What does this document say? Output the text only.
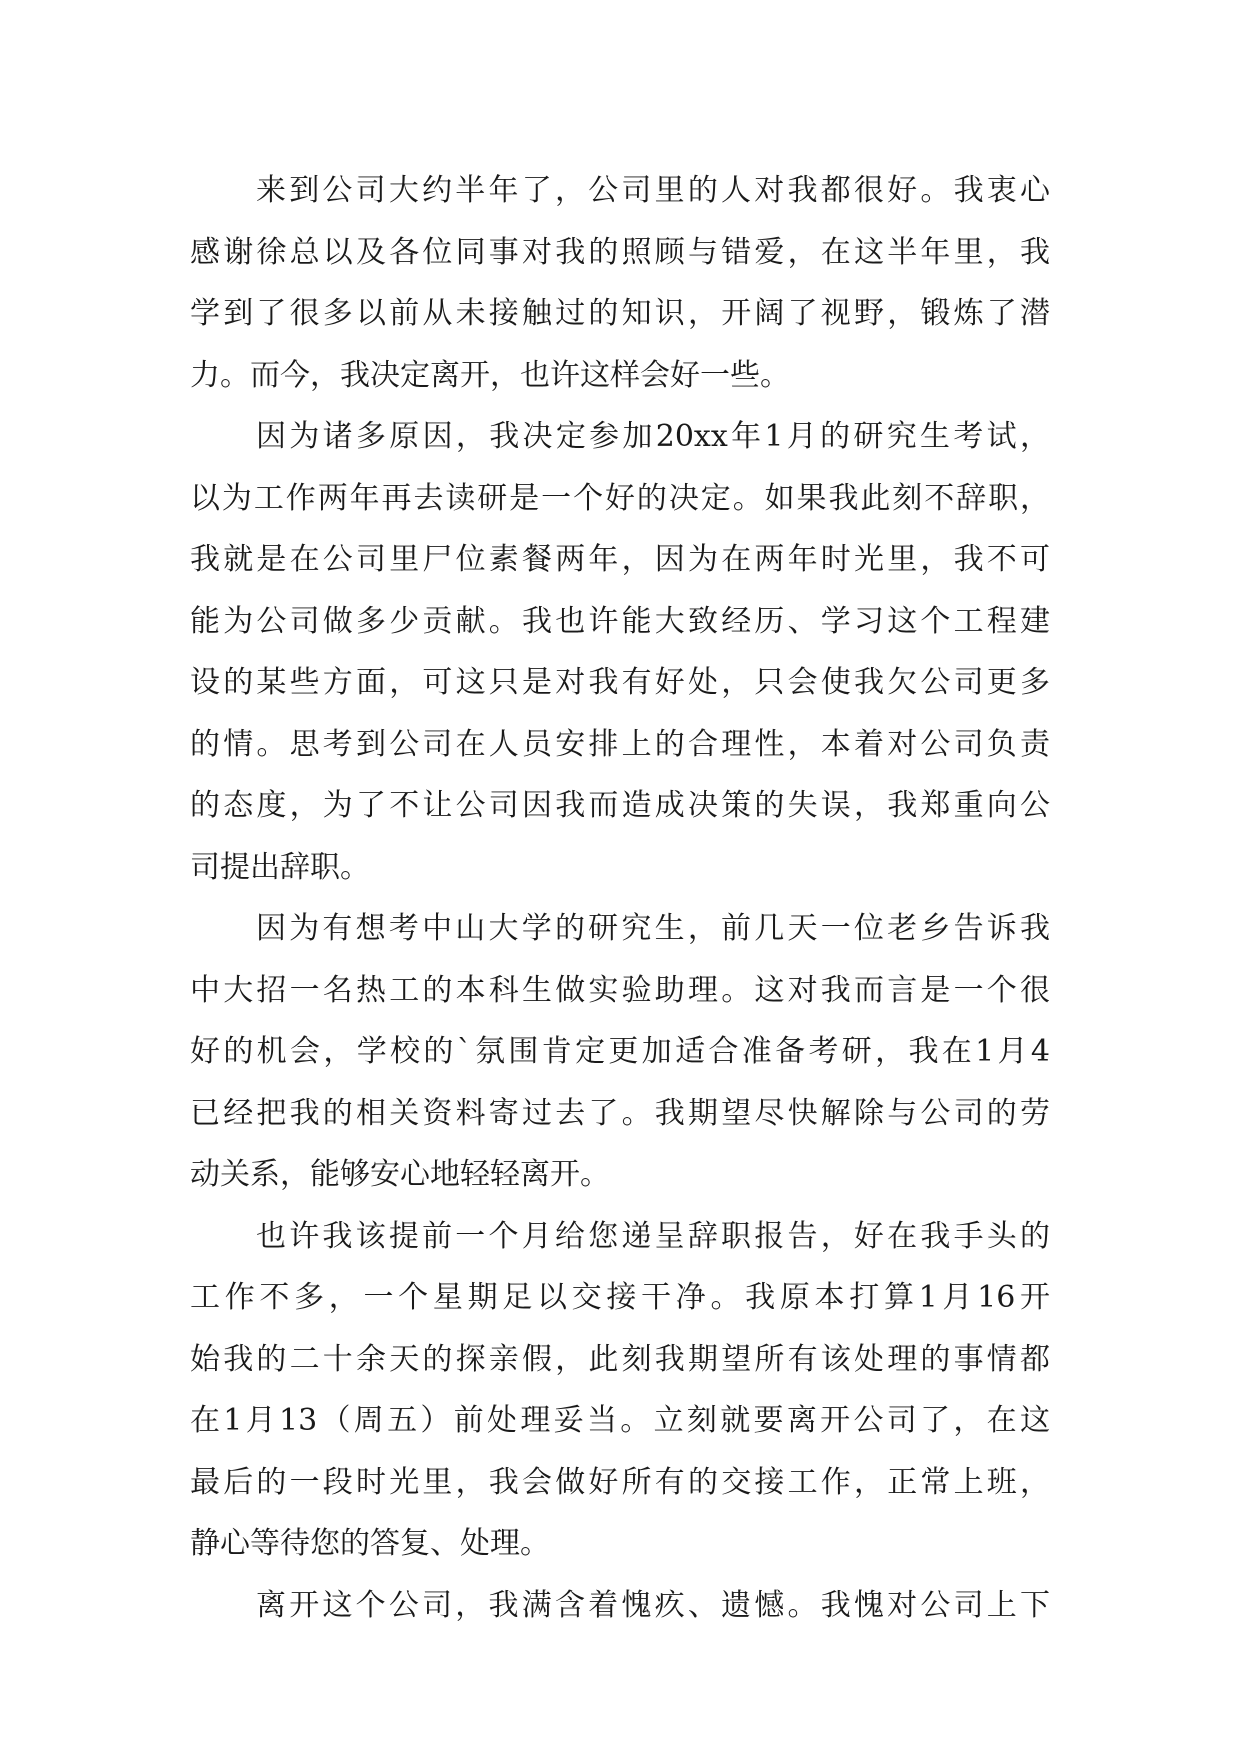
来到公司大约半年了，公司里的人对我都很好。我衷心
感谢徐总以及各位同事对我的照顾与错爱，在这半年里，我
学到了很多以前从未接触过的知识，开阔了视野，锻炼了潜
力。而今，我决定离开，也许这样会好一些。

因为诸多原因，我决定参加20xx年1月的研究生考试，
以为工作两年再去读研是一个好的决定。如果我此刻不辞职，
我就是在公司里尸位素餐两年，因为在两年时光里，我不可
能为公司做多少贡献。我也许能大致经历、学习这个工程建
设的某些方面，可这只是对我有好处，只会使我欠公司更多
的情。思考到公司在人员安排上的合理性，本着对公司负责
的态度，为了不让公司因我而造成决策的失误，我郑重向公
司提出辞职。

因为有想考中山大学的研究生，前几天一位老乡告诉我
中大招一名热工的本科生做实验助理。这对我而言是一个很
好的机会，学校的`氛围肯定更加适合准备考研，我在1月4
已经把我的相关资料寄过去了。我期望尽快解除与公司的劳
动关系，能够安心地轻轻离开。

也许我该提前一个月给您递呈辞职报告，好在我手头的
工作不多，一个星期足以交接干净。我原本打算1月16开
始我的二十余天的探亲假，此刻我期望所有该处理的事情都
在1月13（周五）前处理妥当。立刻就要离开公司了，在这
最后的一段时光里，我会做好所有的交接工作，正常上班，
静心等待您的答复、处理。

离开这个公司，我满含着愧疚、遗憾。我愧对公司上下
